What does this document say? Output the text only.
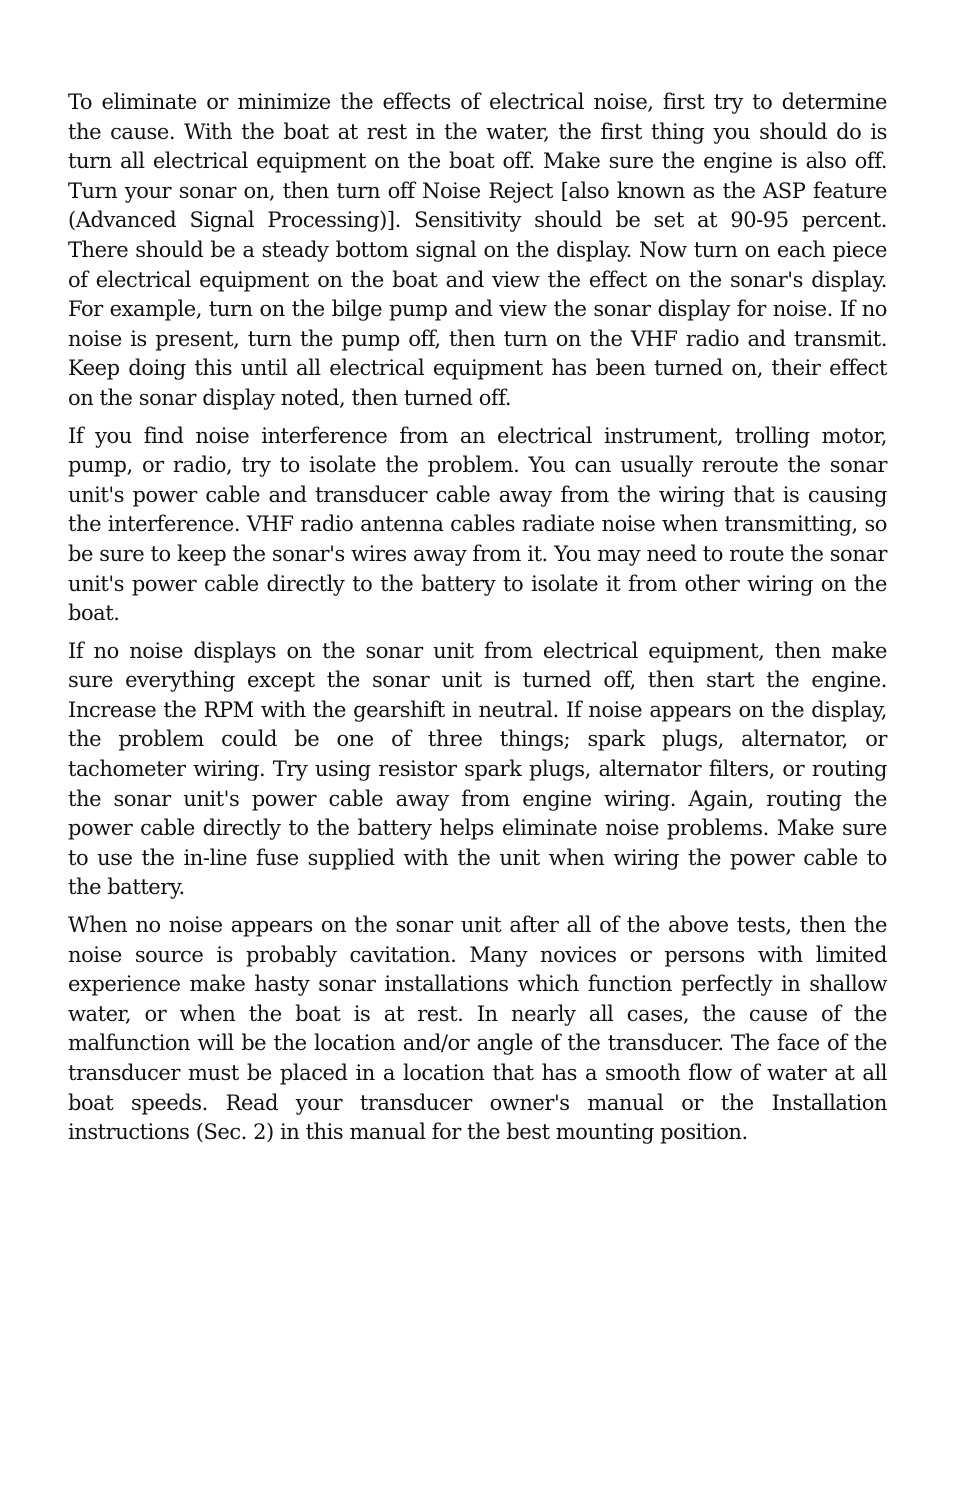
To eliminate or minimize the effects of electrical noise, first try to determine the cause. With the boat at rest in the water, the first thing you should do is turn all electrical equipment on the boat off. Make sure the engine is also off. Turn your sonar on, then turn off Noise Reject [also known as the ASP feature (Advanced Signal Processing)]. Sensitivity should be set at 90-95 percent. There should be a steady bottom signal on the display. Now turn on each piece of electrical equipment on the boat and view the effect on the sonar's display. For example, turn on the bilge pump and view the sonar display for noise. If no noise is present, turn the pump off, then turn on the VHF radio and transmit. Keep doing this until all electrical equipment has been turned on, their effect on the sonar display noted, then turned off.

If you find noise interference from an electrical instrument, trolling motor, pump, or radio, try to isolate the problem. You can usually reroute the sonar unit's power cable and transducer cable away from the wiring that is causing the interference. VHF radio antenna cables radiate noise when transmitting, so be sure to keep the sonar's wires away from it. You may need to route the sonar unit's power cable directly to the battery to isolate it from other wiring on the boat.

If no noise displays on the sonar unit from electrical equipment, then make sure everything except the sonar unit is turned off, then start the engine. Increase the RPM with the gearshift in neutral. If noise appears on the display, the problem could be one of three things; spark plugs, alternator, or tachometer wiring. Try using resistor spark plugs, alternator filters, or routing the sonar unit's power cable away from engine wiring. Again, routing the power cable directly to the battery helps eliminate noise problems. Make sure to use the in-line fuse supplied with the unit when wiring the power cable to the battery.

When no noise appears on the sonar unit after all of the above tests, then the noise source is probably cavitation. Many novices or persons with limited experience make hasty sonar installations which function perfectly in shallow water, or when the boat is at rest. In nearly all cases, the cause of the malfunction will be the location and/or angle of the transducer. The face of the transducer must be placed in a location that has a smooth flow of water at all boat speeds. Read your transducer owner's manual or the Installation instructions (Sec. 2) in this manual for the best mounting position.
